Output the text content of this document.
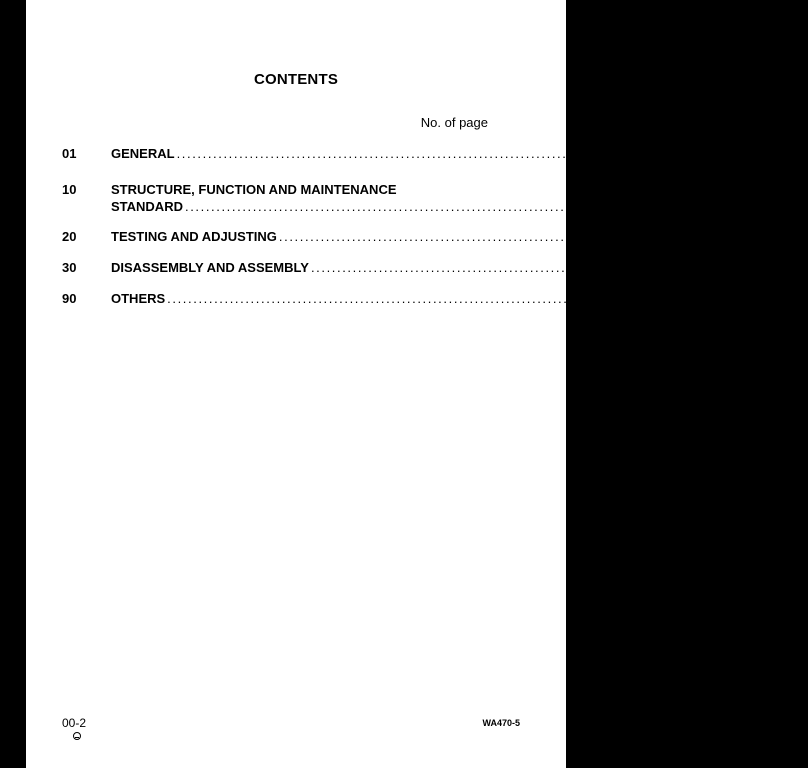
CONTENTS
No. of page
01	GENERAL .......................................................................................... 01-1
10	STRUCTURE, FUNCTION AND MAINTENANCE
STANDARD .......................................................................................... 10-1
20	TESTING AND ADJUSTING .......................................................................................... 20-1
30	DISASSEMBLY AND ASSEMBLY .......................................................................................... 30-1
90	OTHERS .......................................................................................... 90-1
00-2	WA470-5
